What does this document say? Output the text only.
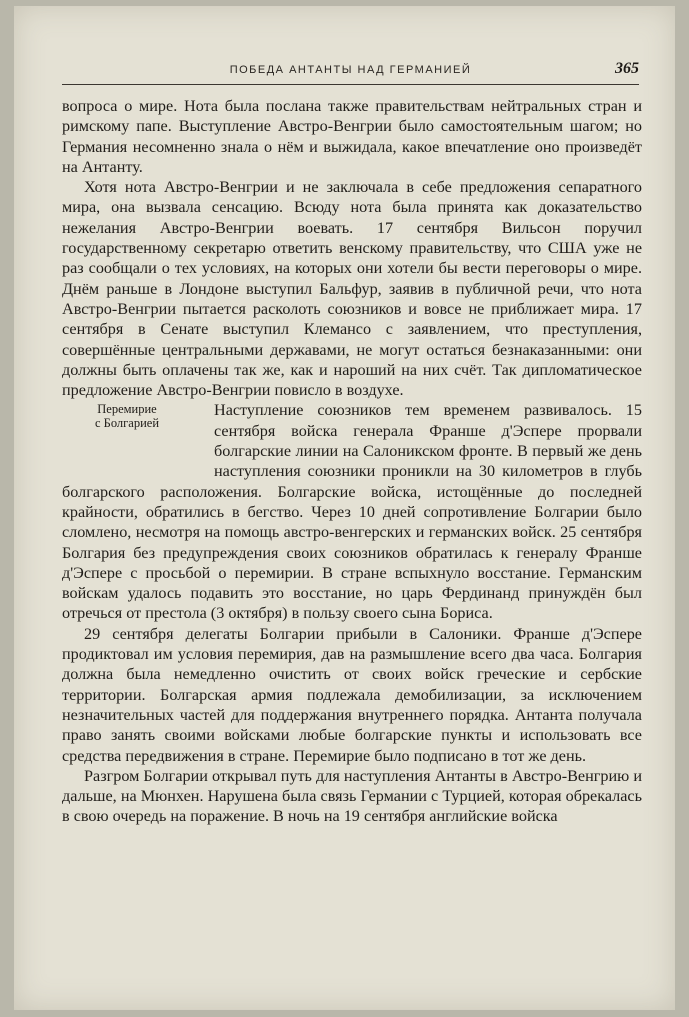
ПОБЕДА АНТАНТЫ НАД ГЕРМАНИЕЙ	365

вопроса о мире. Нота была послана также правительствам нейтральных стран и римскому папе. Выступление Австро-Венгрии было самостоятельным шагом; но Германия несомненно знала о нём и выжидала, какое впечатление оно произведёт на Антанту.

Хотя нота Австро-Венгрии и не заключала в себе предложения сепаратного мира, она вызвала сенсацию. Всюду нота была принята как доказательство нежелания Австро-Венгрии воевать. 17 сентября Вильсон поручил государственному секретарю ответить венскому правительству, что США уже не раз сообщали о тех условиях, на которых они хотели бы вести переговоры о мире. Днём раньше в Лондоне выступил Бальфур, заявив в публичной речи, что нота Австро-Венгрии пытается расколоть союзников и вовсе не приближает мира. 17 сентября в Сенате выступил Клемансо с заявлением, что преступления, совершённые центральными державами, не могут остаться безнаказанными: они должны быть оплачены так же, как и нароший на них счёт. Так дипломатическое предложение Австро-Венгрии повисло в воздухе.

Перемирие
с Болгарией

Наступление союзников тем временем развивалось. 15 сентября войска генерала Франше д'Эспере прорвали болгарские линии на Салоникском фронте. В первый же день наступления союзники проникли на 30 километров в глубь болгарского расположения. Болгарские войска, истощённые до последней крайности, обратились в бегство. Через 10 дней сопротивление Болгарии было сломлено, несмотря на помощь австро-венгерских и германских войск. 25 сентября Болгария без предупреждения своих союзников обратилась к генералу Франше д'Эспере с просьбой о перемирии. В стране вспыхнуло восстание. Германским войскам удалось подавить это восстание, но царь Фердинанд принуждён был отречься от престола (3 октября) в пользу своего сына Бориса.

29 сентября делегаты Болгарии прибыли в Салоники. Франше д'Эспере продиктовал им условия перемирия, дав на размышление всего два часа. Болгария должна была немедленно очистить от своих войск греческие и сербские территории. Болгарская армия подлежала демобилизации, за исключением незначительных частей для поддержания внутреннего порядка. Антанта получала право занять своими войсками любые болгарские пункты и использовать все средства передвижения в стране. Перемирие было подписано в тот же день.

Разгром Болгарии открывал путь для наступления Антанты в Австро-Венгрию и дальше, на Мюнхен. Нарушена была связь Германии с Турцией, которая обрекалась в свою очередь на поражение. В ночь на 19 сентября английские войска
